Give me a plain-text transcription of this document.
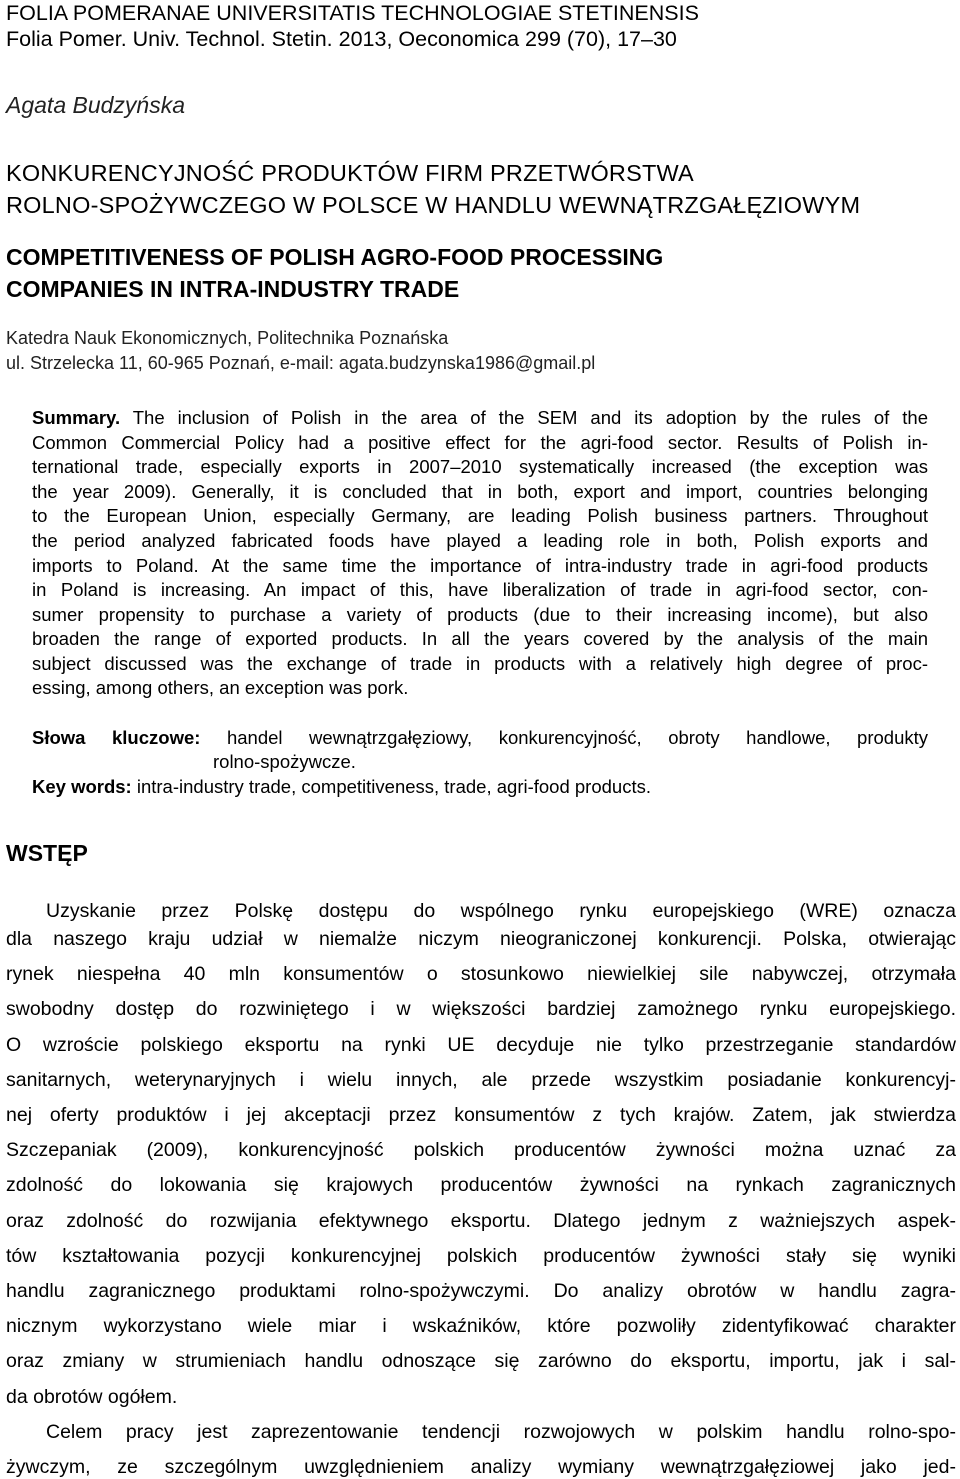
FOLIA POMERANAE UNIVERSITATIS TECHNOLOGIAE STETINENSIS
Folia Pomer. Univ. Technol. Stetin. 2013, Oeconomica 299 (70), 17–30
Agata Budzyńska
KONKURENCYJNOŚĆ PRODUKTÓW FIRM PRZETWÓRSTWA
ROLNO-SPOŻYWCZEGO W POLSCE W HANDLU WEWNĄTRZGAŁĘZIOWYM
COMPETITIVENESS OF POLISH AGRO-FOOD PROCESSING
COMPANIES IN INTRA-INDUSTRY TRADE
Katedra Nauk Ekonomicznych, Politechnika Poznańska
ul. Strzelecka 11, 60-965 Poznań, e-mail: agata.budzynska1986@gmail.pl
Summary. The inclusion of Polish in the area of the SEM and its adoption by the rules of the
Common Commercial Policy had a positive effect for the agri-food sector. Results of Polish in-
ternational trade, especially exports in 2007–2010 systematically increased (the exception was
the year 2009). Generally, it is concluded that in both, export and import, countries belonging
to the European Union, especially Germany, are leading Polish business partners. Throughout
the period analyzed fabricated foods have played a leading role in both, Polish exports and
imports to Poland. At the same time the importance of intra-industry trade in agri-food products
in Poland is increasing. An impact of this, have liberalization of trade in agri-food sector, con-
sumer propensity to purchase a variety of products (due to their increasing income), but also
broaden the range of exported products. In all the years covered by the analysis of the main
subject discussed was the exchange of trade in products with a relatively high degree of proc-
essing, among others, an exception was pork.
Słowa kluczowe: handel wewnątrzgałęziowy, konkurencyjność, obroty handlowe, produkty
rolno-spożywcze.
Key words: intra-industry trade, competitiveness, trade, agri-food products.
WSTĘP
Uzyskanie przez Polskę dostępu do wspólnego rynku europejskiego (WRE) oznacza
dla naszego kraju udział w niemalże niczym nieograniczonej konkurencji. Polska, otwierając
rynek niespełna 40 mln konsumentów o stosunkowo niewielkiej sile nabywczej, otrzymała
swobodny dostęp do rozwiniętego i w większości bardziej zamożnego rynku europejskiego.
O wzroście polskiego eksportu na rynki UE decyduje nie tylko przestrzeganie standardów
sanitarnych, weterynaryjnych i wielu innych, ale przede wszystkim posiadanie konkurencyj-
nej oferty produktów i jej akceptacji przez konsumentów z tych krajów. Zatem, jak stwierdza
Szczepaniak (2009), konkurencyjność polskich producentów żywności można uznać za
zdolność do lokowania się krajowych producentów żywności na rynkach zagranicznych
oraz zdolność do rozwijania efektywnego eksportu. Dlatego jednym z ważniejszych aspek-
tów kształtowania pozycji konkurencyjnej polskich producentów żywności stały się wyniki
handlu zagranicznego produktami rolno-spożywczymi. Do analizy obrotów w handlu zagra-
nicznym wykorzystano wiele miar i wskaźników, które pozwoliły zidentyfikować charakter
oraz zmiany w strumieniach handlu odnoszące się zarówno do eksportu, importu, jak i sal-
da obrotów ogółem.
Celem pracy jest zaprezentowanie tendencji rozwojowych w polskim handlu rolno-spo-
żywczym, ze szczególnym uwzględnieniem analizy wymiany wewnątrzgałęziowej jako jed-
